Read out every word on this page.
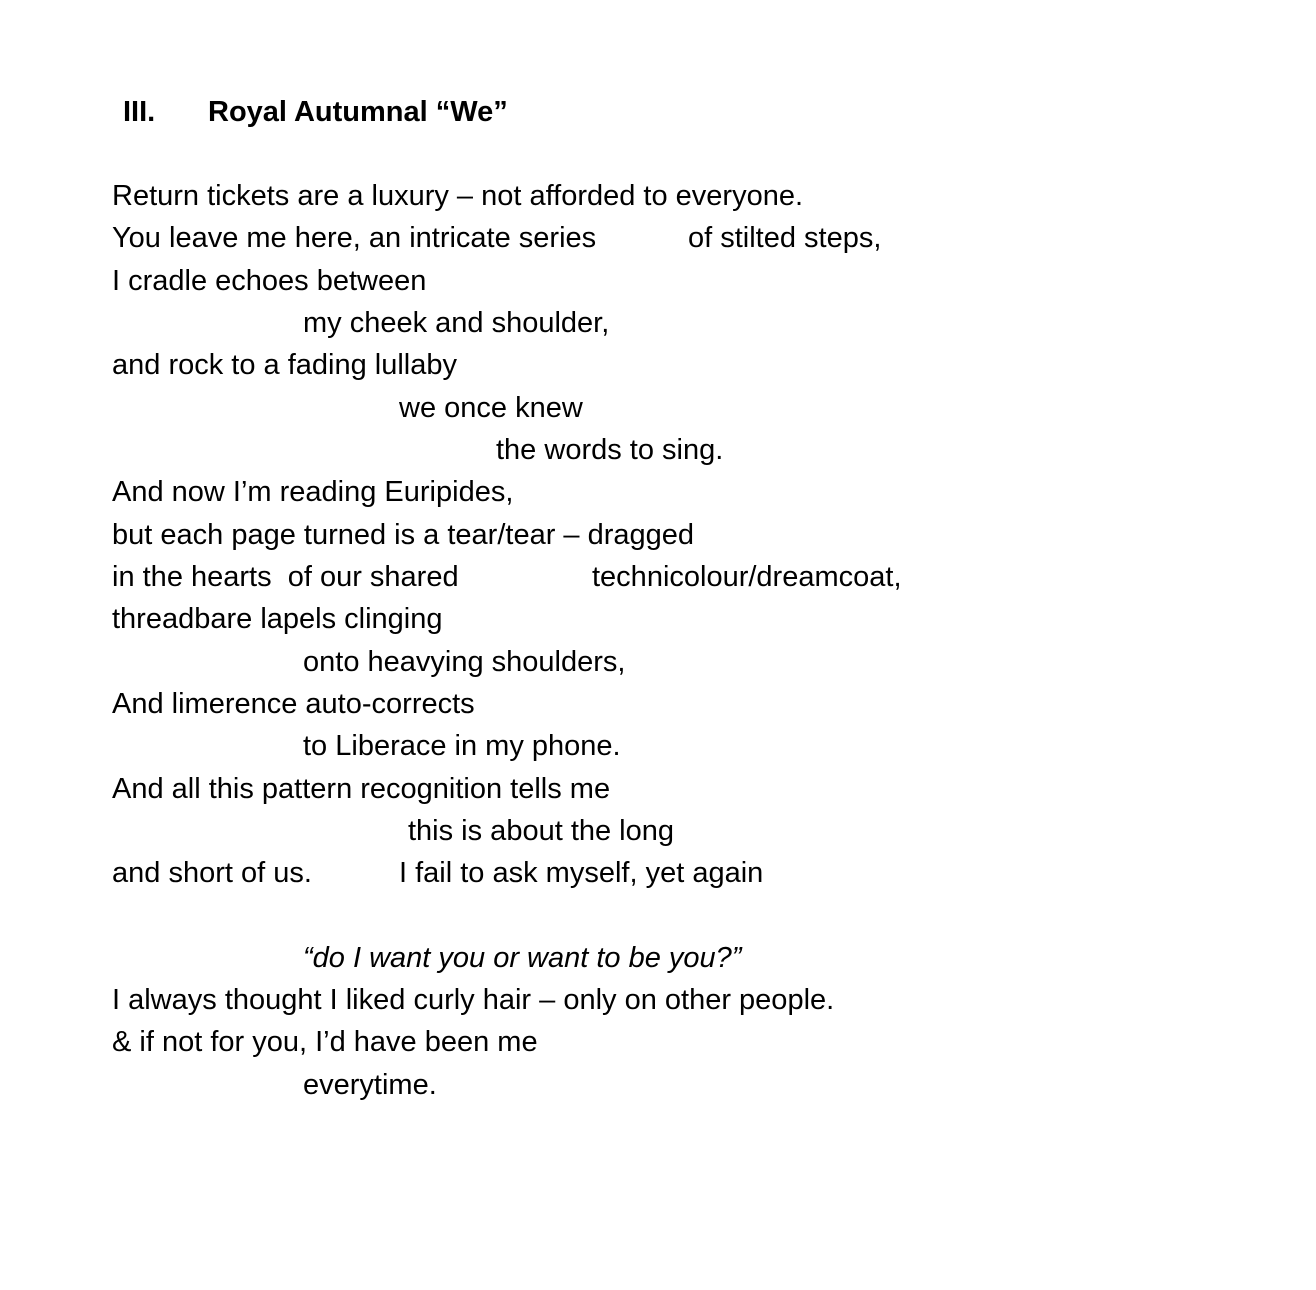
III. Royal Autumnal “We”
Return tickets are a luxury – not afforded to everyone.
You leave me here, an intricate series	of stilted steps,
I cradle echoes between
my cheek and shoulder,
and rock to a fading lullaby
we once knew
the words to sing.
And now I’m reading Euripides,
but each page turned is a tear/tear – dragged
in the hearts  of our shared	technicolour/dreamcoat,
threadbare lapels clinging
onto heavying shoulders,
And limerence auto-corrects
to Liberace in my phone.
And all this pattern recognition tells me
this is about the long
and short of us.	I fail to ask myself, yet again
“do I want you or want to be you?”
I always thought I liked curly hair – only on other people.
& if not for you, I’d have been me
everytime.
